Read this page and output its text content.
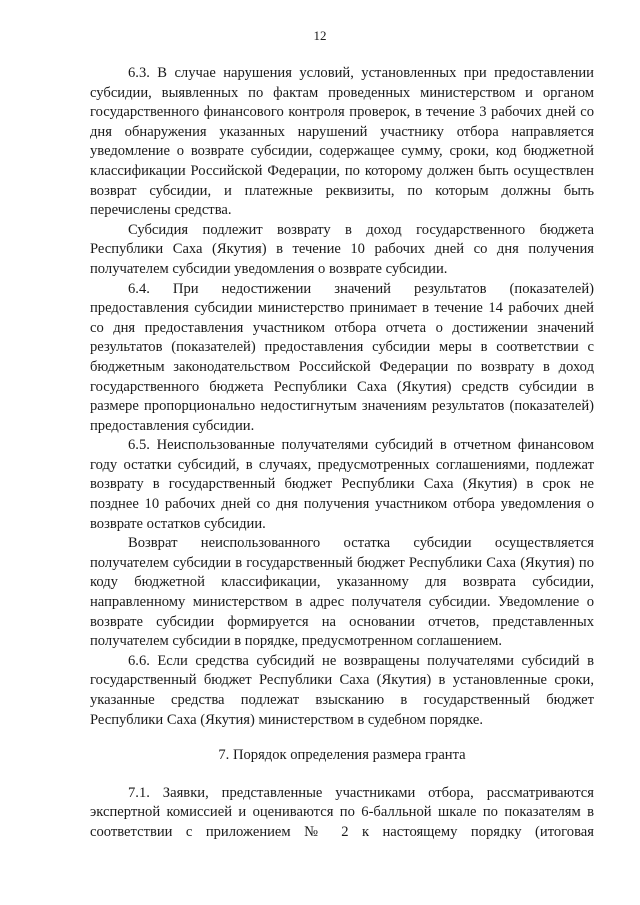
12

6.3. В случае нарушения условий, установленных при предоставлении субсидии, выявленных по фактам проведенных министерством и органом государственного финансового контроля проверок, в течение 3 рабочих дней со дня обнаружения указанных нарушений участнику отбора направляется уведомление о возврате субсидии, содержащее сумму, сроки, код бюджетной классификации Российской Федерации, по которому должен быть осуществлен возврат субсидии, и платежные реквизиты, по которым должны быть перечислены средства.

Субсидия подлежит возврату в доход государственного бюджета Республики Саха (Якутия) в течение 10 рабочих дней со дня получения получателем субсидии уведомления о возврате субсидии.

6.4. При недостижении значений результатов (показателей) предоставления субсидии министерство принимает в течение 14 рабочих дней со дня предоставления участником отбора отчета о достижении значений результатов (показателей) предоставления субсидии меры в соответствии с бюджетным законодательством Российской Федерации по возврату в доход государственного бюджета Республики Саха (Якутия) средств субсидии в размере пропорционально недостигнутым значениям результатов (показателей) предоставления субсидии.

6.5. Неиспользованные получателями субсидий в отчетном финансовом году остатки субсидий, в случаях, предусмотренных соглашениями, подлежат возврату в государственный бюджет Республики Саха (Якутия) в срок не позднее 10 рабочих дней со дня получения участником отбора уведомления о возврате остатков субсидии.

Возврат неиспользованного остатка субсидии осуществляется получателем субсидии в государственный бюджет Республики Саха (Якутия) по коду бюджетной классификации, указанному для возврата субсидии, направленному министерством в адрес получателя субсидии. Уведомление о возврате субсидии формируется на основании отчетов, представленных получателем субсидии в порядке, предусмотренном соглашением.

6.6. Если средства субсидий не возвращены получателями субсидий в государственный бюджет Республики Саха (Якутия) в установленные сроки, указанные средства подлежат взысканию в государственный бюджет Республики Саха (Якутия) министерством в судебном порядке.

7. Порядок определения размера гранта

7.1. Заявки, представленные участниками отбора, рассматриваются экспертной комиссией и оцениваются по 6-балльной шкале по показателям в соответствии с приложением № 2 к настоящему порядку (итоговая
